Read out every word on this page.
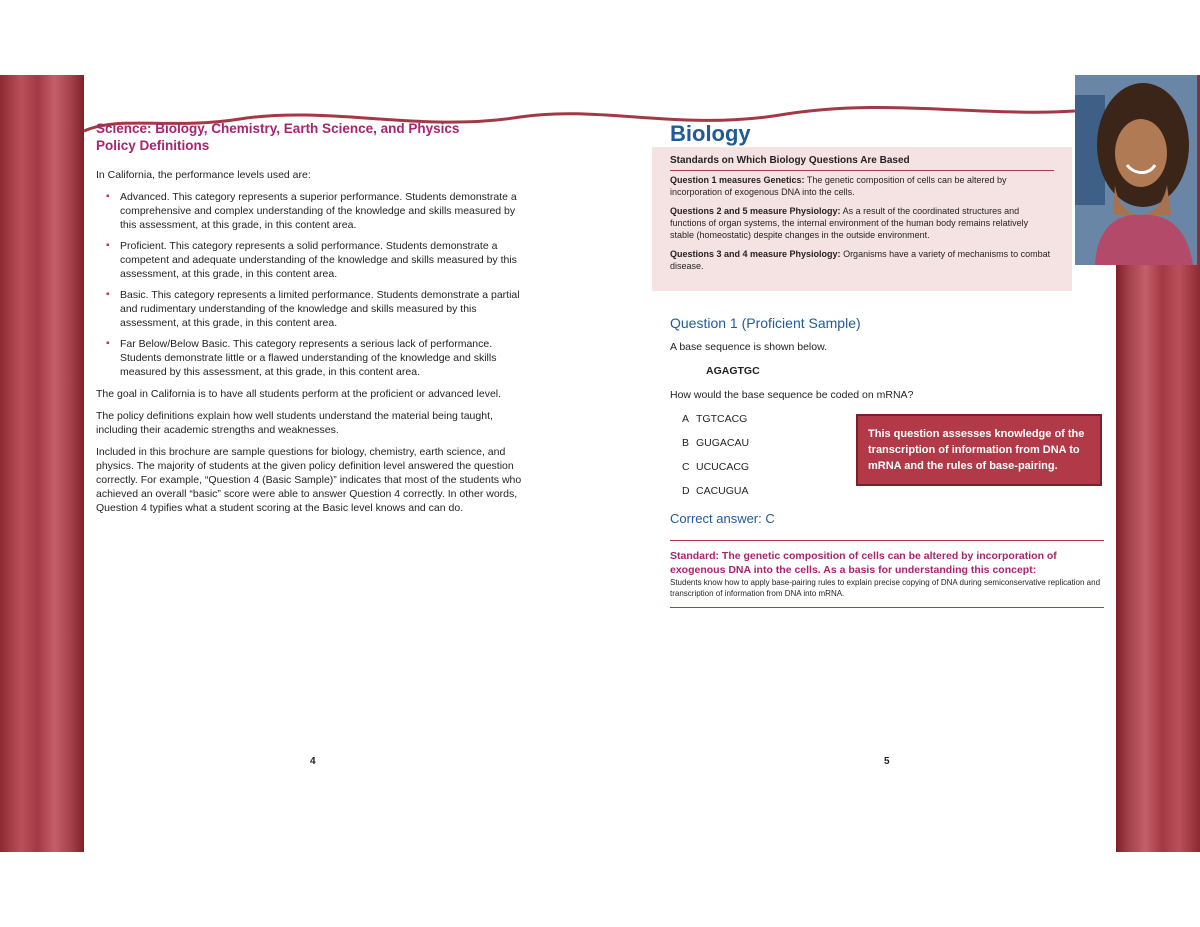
Science: Biology, Chemistry, Earth Science, and Physics
Policy Definitions

In California, the performance levels used are:

▪ Advanced. This category represents a superior performance. Students demonstrate a comprehensive and complex understanding of the knowledge and skills measured by this assessment, at this grade, in this content area.
▪ Proficient. This category represents a solid performance. Students demonstrate a competent and adequate understanding of the knowledge and skills measured by this assessment, at this grade, in this content area.
▪ Basic. This category represents a limited performance. Students demonstrate a partial and rudimentary understanding of the knowledge and skills measured by this assessment, at this grade, in this content area.
▪ Far Below/Below Basic. This category represents a serious lack of performance. Students demonstrate little or a flawed understanding of the knowledge and skills measured by this assessment, at this grade, in this content area.

The goal in California is to have all students perform at the proficient or advanced level.

The policy definitions explain how well students understand the material being taught, including their academic strengths and weaknesses.

Included in this brochure are sample questions for biology, chemistry, earth science, and physics. The majority of students at the given policy definition level answered the question correctly. For example, “Question 4 (Basic Sample)” indicates that most of the students who achieved an overall “basic” score were able to answer Question 4 correctly. In other words, Question 4 typifies what a student scoring at the Basic level knows and can do.

4
Standards on Which Biology Questions Are Based

Question 1 measures Genetics: The genetic composition of cells can be altered by incorporation of exogenous DNA into the cells.

Questions 2 and 5 measure Physiology: As a result of the coordinated structures and functions of organ systems, the internal environment of the human body remains relatively stable (homeostatic) despite changes in the outside environment.

Questions 3 and 4 measure Physiology: Organisms have a variety of mechanisms to combat disease.

Biology
Question 1 (Proficient Sample)

A base sequence is shown below.

AGAGTGC

How would the base sequence be coded on mRNA?

A TGTCACG
B GUGACAU
C UCUCACG
D CACUGUA
This question assesses knowledge of the transcription of information from DNA to mRNA and the rules of base-pairing.
Correct answer: C
Standard: The genetic composition of cells can be altered by incorporation of exogenous DNA into the cells. As a basis for understanding this concept:
Students know how to apply base-pairing rules to explain precise copying of DNA during semiconservative replication and transcription of information from DNA into mRNA.
5
